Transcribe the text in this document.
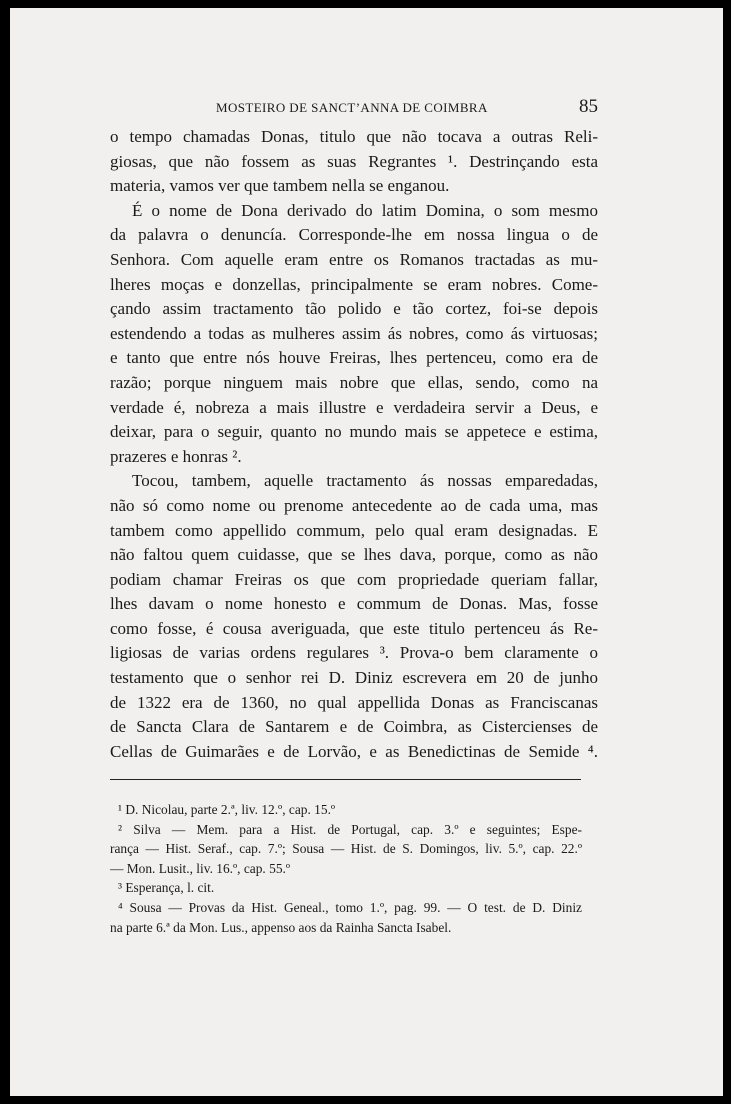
MOSTEIRO DE SANCT’ANNA DE COIMBRA	85

o tempo chamadas Donas, titulo que não tocava a outras Reli-

giosas, que não fossem as suas Regrantes ¹. Destrinçando esta

materia, vamos ver que tambem nella se enganou.

É o nome de Dona derivado do latim Domina, o som mesmo

da palavra o denuncía. Corresponde-lhe em nossa lingua o de

Senhora. Com aquelle eram entre os Romanos tractadas as mu-

lheres moças e donzellas, principalmente se eram nobres. Come-

çando assim tractamento tão polido e tão cortez, foi-se depois

estendendo a todas as mulheres assim ás nobres, como ás virtuosas;

e tanto que entre nós houve Freiras, lhes pertenceu, como era de

razão; porque ninguem mais nobre que ellas, sendo, como na

verdade é, nobreza a mais illustre e verdadeira servir a Deus, e

deixar, para o seguir, quanto no mundo mais se appetece e estima,

prazeres e honras ².

Tocou, tambem, aquelle tractamento ás nossas emparedadas,

não só como nome ou prenome antecedente ao de cada uma, mas

tambem como appellido commum, pelo qual eram designadas. E

não faltou quem cuidasse, que se lhes dava, porque, como as não

podiam chamar Freiras os que com propriedade queriam fallar,

lhes davam o nome honesto e commum de Donas. Mas, fosse

como fosse, é cousa averiguada, que este titulo pertenceu ás Re-

ligiosas de varias ordens regulares ³. Prova-o bem claramente o

testamento que o senhor rei D. Diniz escrevera em 20 de junho

de 1322 era de 1360, no qual appellida Donas as Franciscanas

de Sancta Clara de Santarem e de Coimbra, as Cistercienses de

Cellas de Guimarães e de Lorvão, e as Benedictinas de Semide ⁴.

¹ D. Nicolau, parte 2.ª, liv. 12.º, cap. 15.º

² Silva — Mem. para a Hist. de Portugal, cap. 3.º e seguintes; Espe-

rança — Hist. Seraf., cap. 7.º; Sousa — Hist. de S. Domingos, liv. 5.º, cap. 22.º

— Mon. Lusit., liv. 16.º, cap. 55.º

³ Esperança, l. cit.

⁴ Sousa — Provas da Hist. Geneal., tomo 1.º, pag. 99. — O test. de D. Diniz

na parte 6.ª da Mon. Lus., appenso aos da Rainha Sancta Isabel.
